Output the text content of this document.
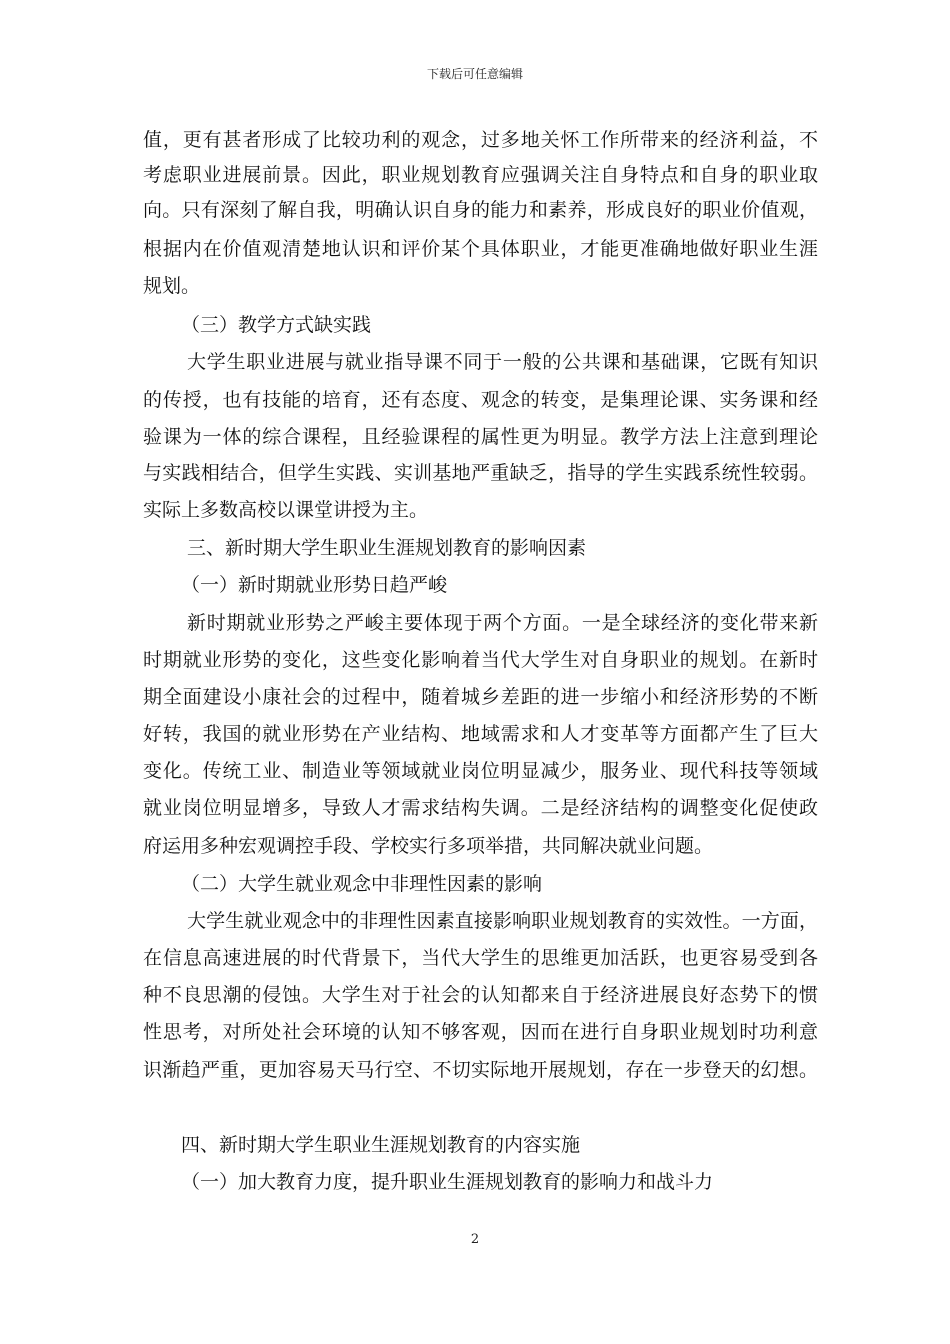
下载后可任意编辑

值，更有甚者形成了比较功利的观念，过多地关怀工作所带来的经济利益，不

考虑职业进展前景。因此，职业规划教育应强调关注自身特点和自身的职业取

向。只有深刻了解自我，明确认识自身的能力和素养，形成良好的职业价值观，

根据内在价值观清楚地认识和评价某个具体职业，才能更准确地做好职业生涯

规划。

（三）教学方式缺实践

大学生职业进展与就业指导课不同于一般的公共课和基础课，它既有知识

的传授，也有技能的培育，还有态度、观念的转变，是集理论课、实务课和经

验课为一体的综合课程，且经验课程的属性更为明显。教学方法上注意到理论

与实践相结合，但学生实践、实训基地严重缺乏，指导的学生实践系统性较弱。

实际上多数高校以课堂讲授为主。

三、新时期大学生职业生涯规划教育的影响因素

（一）新时期就业形势日趋严峻

新时期就业形势之严峻主要体现于两个方面。一是全球经济的变化带来新

时期就业形势的变化，这些变化影响着当代大学生对自身职业的规划。在新时

期全面建设小康社会的过程中，随着城乡差距的进一步缩小和经济形势的不断

好转，我国的就业形势在产业结构、地域需求和人才变革等方面都产生了巨大

变化。传统工业、制造业等领域就业岗位明显减少，服务业、现代科技等领域

就业岗位明显增多，导致人才需求结构失调。二是经济结构的调整变化促使政

府运用多种宏观调控手段、学校实行多项举措，共同解决就业问题。

（二）大学生就业观念中非理性因素的影响

大学生就业观念中的非理性因素直接影响职业规划教育的实效性。一方面，

在信息高速进展的时代背景下，当代大学生的思维更加活跃，也更容易受到各

种不良思潮的侵蚀。大学生对于社会的认知都来自于经济进展良好态势下的惯

性思考，对所处社会环境的认知不够客观，因而在进行自身职业规划时功利意

识渐趋严重，更加容易天马行空、不切实际地开展规划，存在一步登天的幻想。

四、新时期大学生职业生涯规划教育的内容实施

（一）加大教育力度，提升职业生涯规划教育的影响力和战斗力

2
